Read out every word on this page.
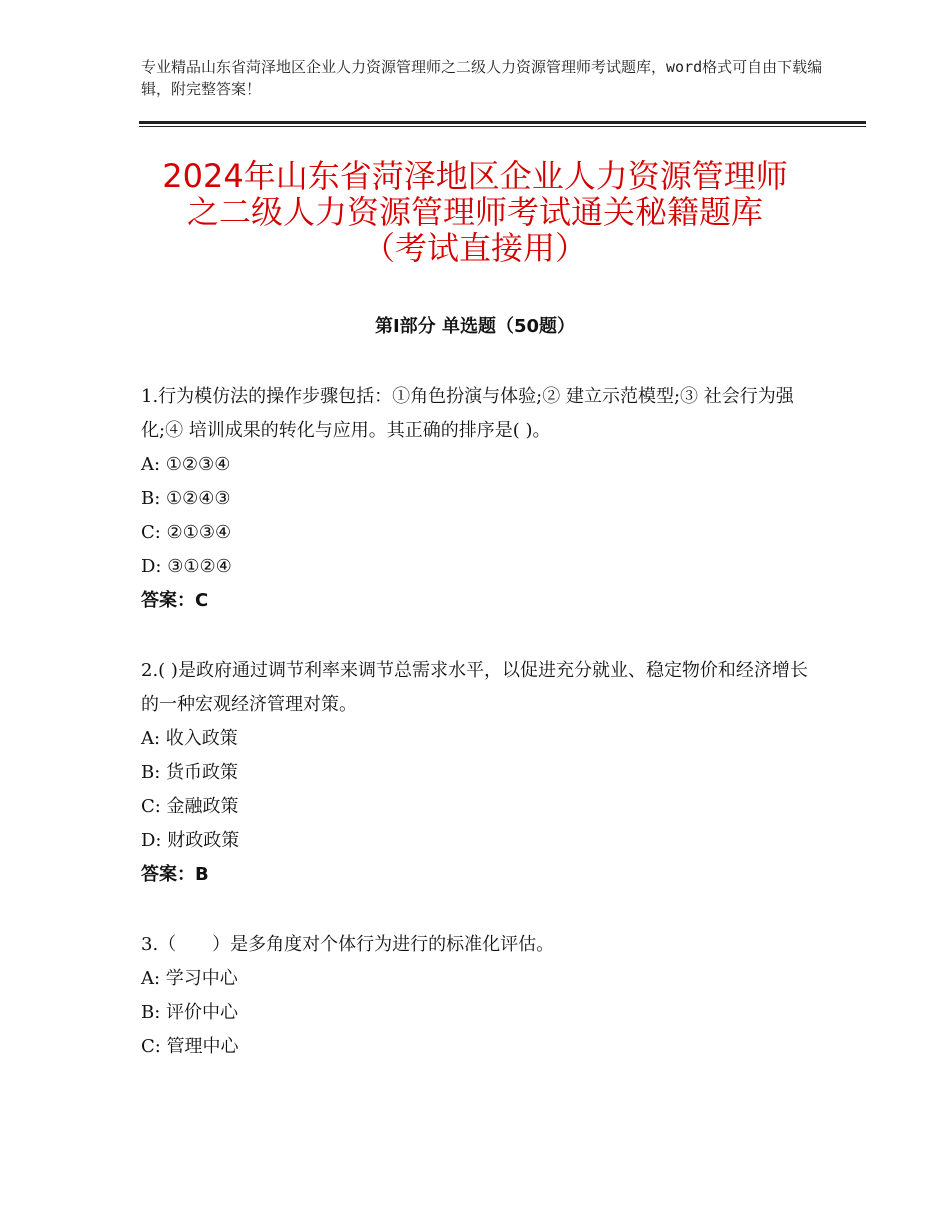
专业精品山东省菏泽地区企业人力资源管理师之二级人力资源管理师考试题库，word格式可自由下载编辑，附完整答案！
2024年山东省菏泽地区企业人力资源管理师
之二级人力资源管理师考试通关秘籍题库
（考试直接用）
第Ⅰ部分 单选题（50题）

1.行为模仿法的操作步骤包括：①角色扮演与体验;② 建立示范模型;③ 社会行为强化;④ 培训成果的转化与应用。其正确的排序是( )。

A: ①②③④

B: ①②④③

C: ②①③④

D: ③①②④

答案：C

2.( )是政府通过调节利率来调节总需求水平，以促进充分就业、稳定物价和经济增长的一种宏观经济管理对策。

A: 收入政策

B: 货币政策

C: 金融政策

D: 财政政策

答案：B

3.（　　）是多角度对个体行为进行的标准化评估。

A: 学习中心

B: 评价中心

C: 管理中心
